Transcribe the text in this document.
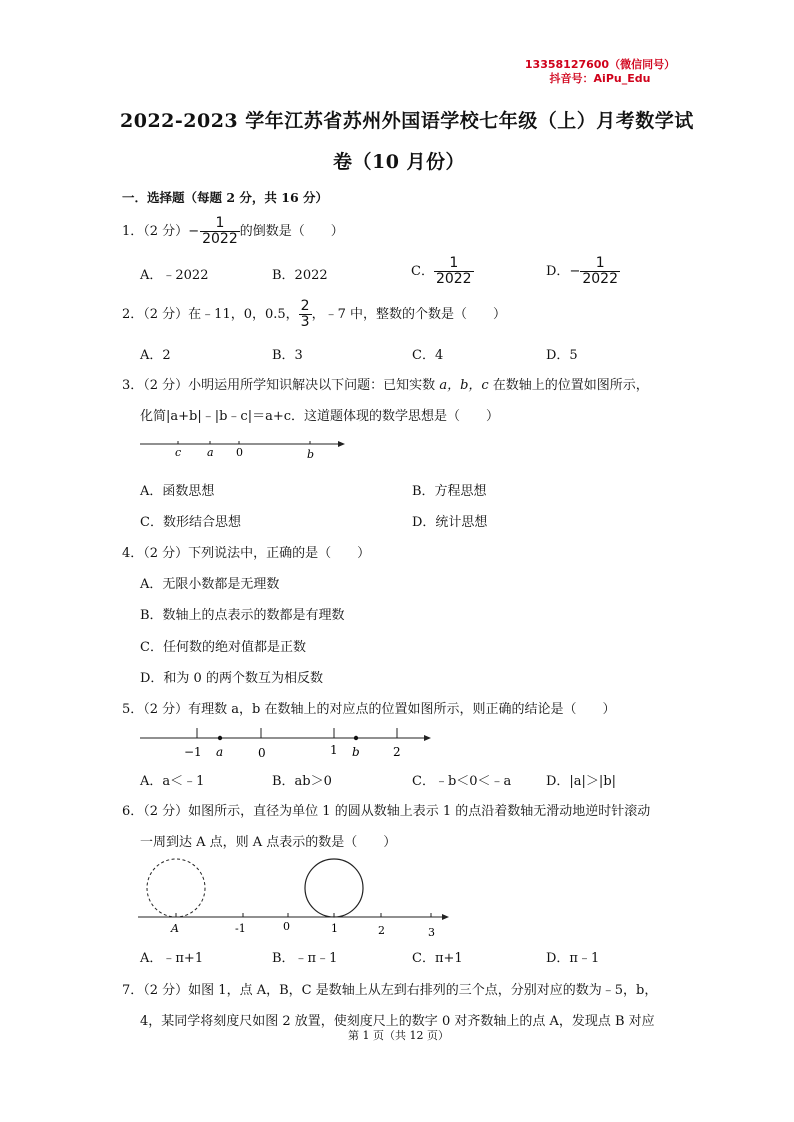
13358127600（微信同号）
抖音号：AiPu_Edu
2022-2023 学年江苏省苏州外国语学校七年级（上）月考数学试
卷（10 月份）
一．选择题（每题 2 分，共 16 分）
1．（2 分）− $\frac{1}{2022}$ 的倒数是（　　）
A．﹣2022	B．2022	C． $\frac{1}{2022}$	D．− $\frac{1}{2022}$
2．（2 分）在﹣11，0，0.5， $\frac{2}{3}$ ，﹣7 中，整数的个数是（　　）
A．2	B．3	C．4	D．5
3．（2 分）小明运用所学知识解决以下问题：已知实数 a，b，c 在数轴上的位置如图所示，
化简|a+b|﹣|b﹣c|＝a+c．这道题体现的数学思想是（　　）
c a 0	b
A．函数思想	B．方程思想
C．数形结合思想	D．统计思想
4．（2 分）下列说法中，正确的是（　　）
A．无限小数都是无理数
B．数轴上的点表示的数都是有理数
C．任何数的绝对值都是正数
D．和为 0 的两个数互为相反数
5．（2 分）有理数 a，b 在数轴上的对应点的位置如图所示，则正确的结论是（　　）
−1 a	0	1 b	2
A．a＜﹣1	B．ab＞0	C．﹣b＜0＜﹣a	D．|a|＞|b|
6．（2 分）如图所示，直径为单位 1 的圆从数轴上表示 1 的点沿着数轴无滑动地逆时针滚动
一周到达 A 点，则 A 点表示的数是（　　）
A	-1	0	1	2	3
A．﹣π+1	B．﹣π﹣1	C．π+1	D．π﹣1
7．（2 分）如图 1，点 A，B，C 是数轴上从左到右排列的三个点，分别对应的数为﹣5，b，
4，某同学将刻度尺如图 2 放置，使刻度尺上的数字 0 对齐数轴上的点 A，发现点 B 对应
第 1 页（共 12 页）
